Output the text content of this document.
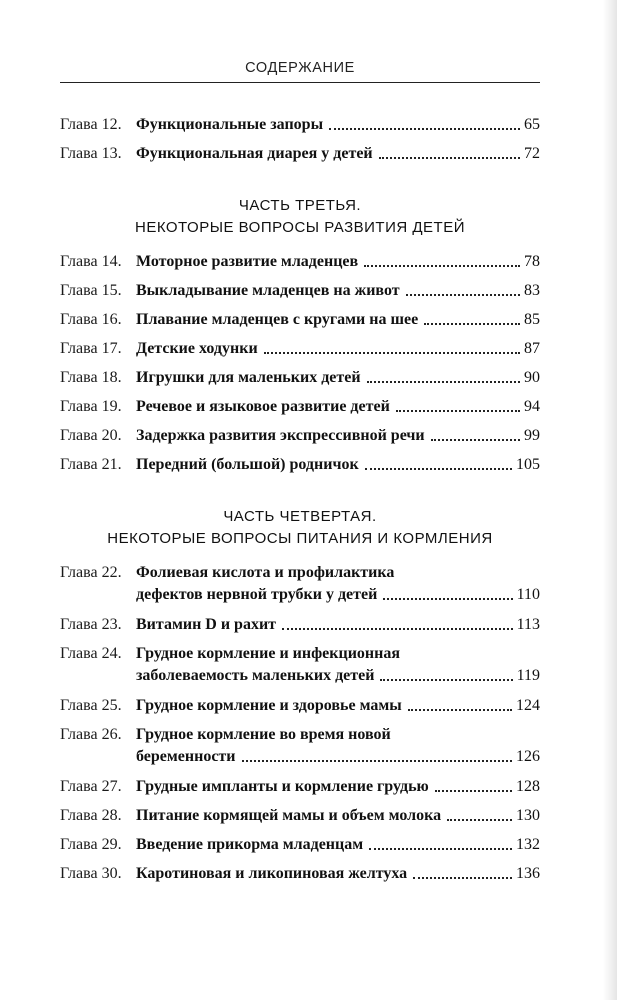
СОДЕРЖАНИЕ
Глава 12. Функциональные запоры	65
Глава 13. Функциональная диарея у детей	72
ЧАСТЬ ТРЕТЬЯ.
НЕКОТОРЫЕ ВОПРОСЫ РАЗВИТИЯ ДЕТЕЙ
Глава 14. Моторное развитие младенцев	78
Глава 15. Выкладывание младенцев на живот	83
Глава 16. Плавание младенцев с кругами на шее	85
Глава 17. Детские ходунки	87
Глава 18. Игрушки для маленьких детей	90
Глава 19. Речевое и языковое развитие детей	94
Глава 20. Задержка развития экспрессивной речи	99
Глава 21. Передний (большой) родничок	105
ЧАСТЬ ЧЕТВЕРТАЯ.
НЕКОТОРЫЕ ВОПРОСЫ ПИТАНИЯ И КОРМЛЕНИЯ
Глава 22. Фолиевая кислота и профилактика
дефектов нервной трубки у детей	110
Глава 23. Витамин D и рахит	113
Глава 24. Грудное кормление и инфекционная
заболеваемость маленьких детей	119
Глава 25. Грудное кормление и здоровье мамы	124
Глава 26. Грудное кормление во время новой
беременности	126
Глава 27. Грудные импланты и кормление грудью	128
Глава 28. Питание кормящей мамы и объем молока	130
Глава 29. Введение прикорма младенцам	132
Глава 30. Каротиновая и ликопиновая желтуха	136
